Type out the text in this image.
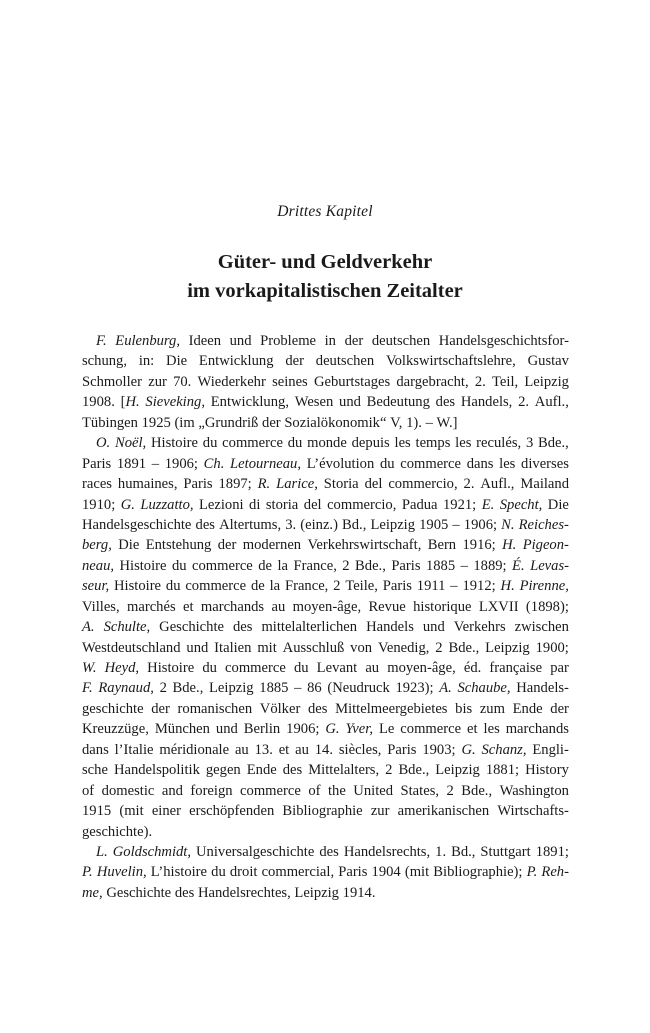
Drittes Kapitel
Güter- und Geldverkehr
im vorkapitalistischen Zeitalter
F. Eulenburg, Ideen und Probleme in der deutschen Handelsgeschichtsfor-
schung, in: Die Entwicklung der deutschen Volkswirtschaftslehre, Gustav
Schmoller zur 70. Wiederkehr seines Geburtstages dargebracht, 2. Teil, Leipzig
1908. [H. Sieveking, Entwicklung, Wesen und Bedeutung des Handels, 2. Aufl.,
Tübingen
1925
(im
„Grundriß
der
Sozialökonomik“
V,
1).
–
W.]
O. Noël, Histoire du commerce du monde depuis les temps les reculés, 3 Bde.,
Paris 1891 – 1906; Ch. Letourneau, L’évolution du commerce dans les diverses
races humaines, Paris 1897; R. Larice, Storia del commercio, 2. Aufl., Mailand
1910; G. Luzzatto, Lezioni di storia del commercio, Padua 1921; E. Specht, Die
Handelsgeschichte des Altertums, 3. (einz.) Bd., Leipzig 1905 – 1906; N. Reiches-
berg, Die Entstehung der modernen Verkehrswirtschaft, Bern 1916; H. Pigeon-
neau, Histoire du commerce de la France, 2 Bde., Paris 1885 – 1889; É. Levas-
seur, Histoire du commerce de la France, 2 Teile, Paris 1911 – 1912; H. Pirenne,
Villes, marchés et marchands au moyen-âge, Revue historique LXVII (1898);
A. Schulte, Geschichte des mittelalterlichen Handels und Verkehrs zwischen
Westdeutschland und Italien mit Ausschluß von Venedig, 2 Bde., Leipzig 1900;
W. Heyd, Histoire du commerce du Levant au moyen-âge, éd. française par
F. Raynaud, 2 Bde., Leipzig 1885 – 86 (Neudruck 1923); A. Schaube, Handels-
geschichte der romanischen Völker des Mittelmeergebietes bis zum Ende der
Kreuzzüge, München und Berlin 1906; G. Yver, Le commerce et les marchands
dans l’Italie méridionale au 13. et au 14. siècles, Paris 1903; G. Schanz, Engli-
sche Handelspolitik gegen Ende des Mittelalters, 2 Bde., Leipzig 1881; History
of domestic and foreign commerce of the United States, 2 Bde., Washington
1915 (mit einer erschöpfenden Bibliographie zur amerikanischen Wirtschafts-
geschichte).
L. Goldschmidt, Universalgeschichte des Handelsrechts, 1. Bd., Stuttgart 1891;
P. Huvelin, L’histoire du droit commercial, Paris 1904 (mit Bibliographie); P. Reh-
me,
Geschichte
des
Handelsrechtes,
Leipzig
1914.
